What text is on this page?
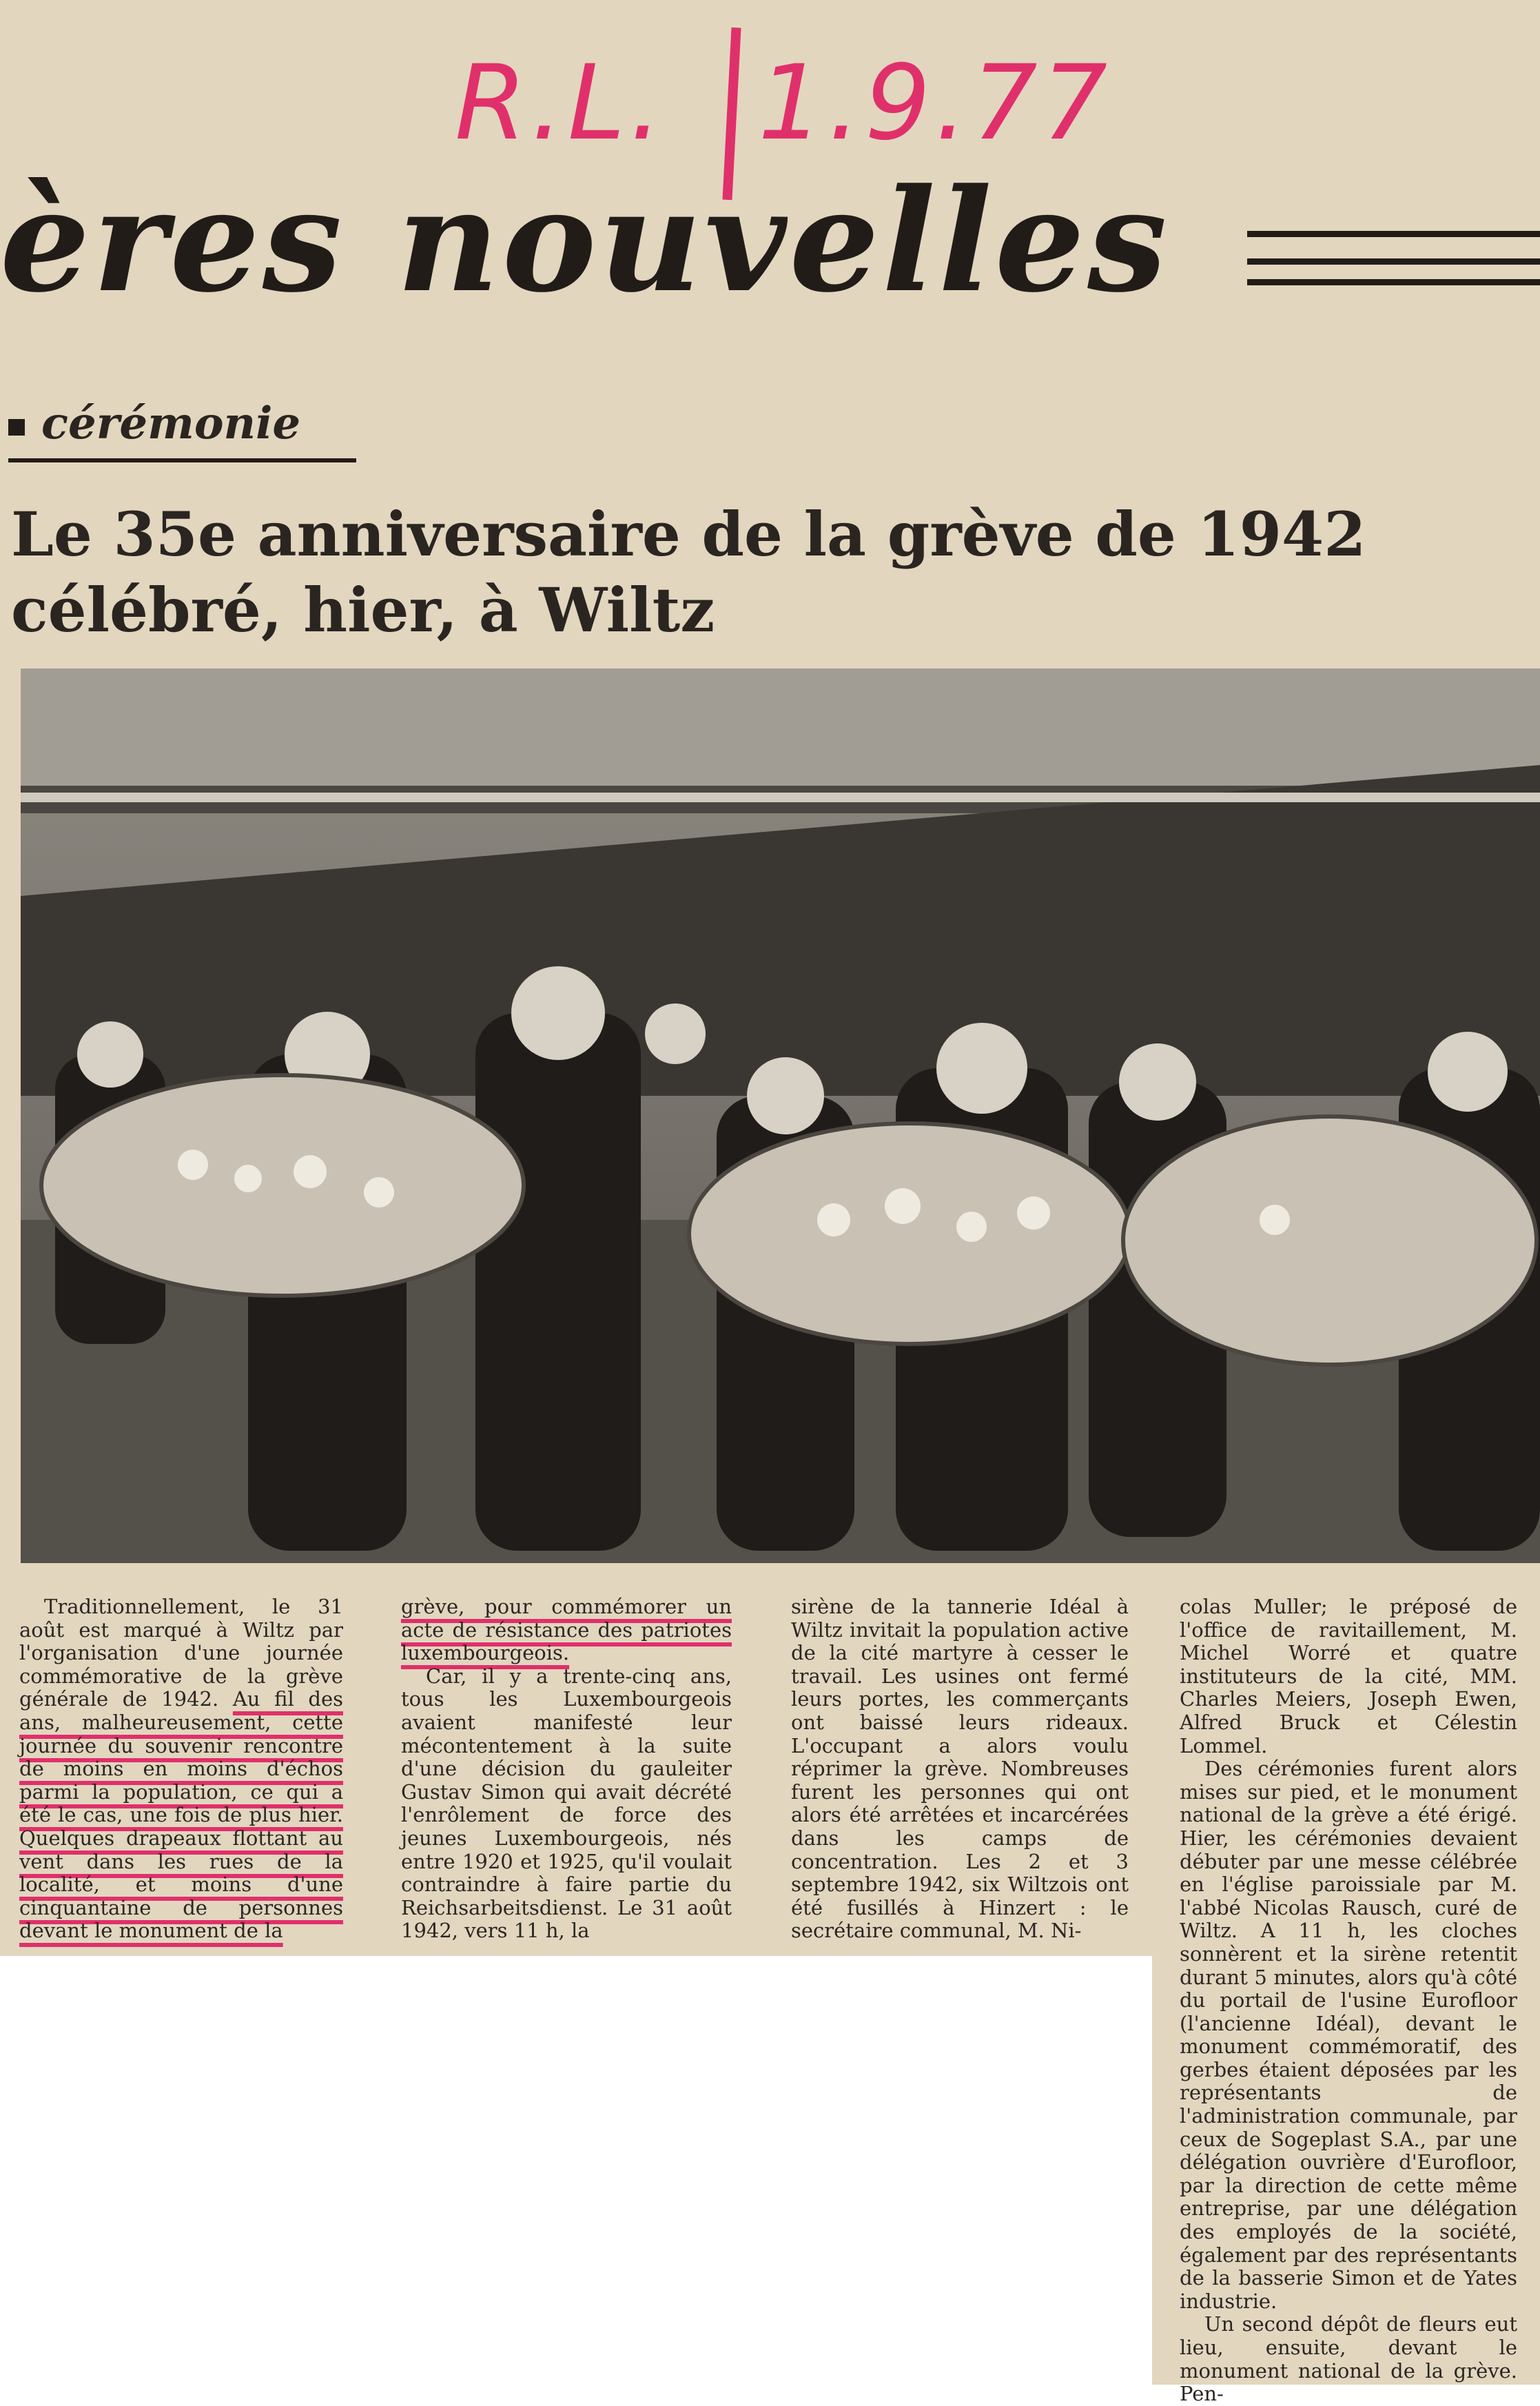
R.L. 1.9.77
ères nouvelles
cérémonie
Le 35e anniversaire de la grève de 1942
célébré, hier, à Wiltz

Traditionnellement, le 31 août est marqué à Wiltz par l'organisation d'une journée commémorative de la grève générale de 1942. Au fil des ans, malheureusement, cette journée du souvenir rencontre de moins en moins d'échos parmi la population, ce qui a été le cas, une fois de plus hier. Quelques drapeaux flottant au vent dans les rues de la localité, et moins d'une cinquantaine de personnes devant le monument de la

grève, pour commémorer un acte de résistance des patriotes luxembourgeois.

Car, il y a trente-cinq ans, tous les Luxembourgeois avaient manifesté leur mécontentement à la suite d'une décision du gauleiter Gustav Simon qui avait décrété l'enrôlement de force des jeunes Luxembourgeois, nés entre 1920 et 1925, qu'il voulait contraindre à faire partie du Reichsarbeitsdienst. Le 31 août 1942, vers 11 h, la

sirène de la tannerie Idéal à Wiltz invitait la population active de la cité martyre à cesser le travail. Les usines ont fermé leurs portes, les commerçants ont baissé leurs rideaux. L'occupant a alors voulu réprimer la grève. Nombreuses furent les personnes qui ont alors été arrêtées et incarcérées dans les camps de concentration. Les 2 et 3 septembre 1942, six Wiltzois ont été fusillés à Hinzert : le secrétaire communal, M. Ni-

colas Muller; le préposé de l'office de ravitaillement, M. Michel Worré et quatre instituteurs de la cité, MM. Charles Meiers, Joseph Ewen, Alfred Bruck et Célestin Lommel.

Des cérémonies furent alors mises sur pied, et le monument national de la grève a été érigé. Hier, les cérémonies devaient débuter par une messe célébrée en l'église paroissiale par M. l'abbé Nicolas Rausch, curé de Wiltz. A 11 h, les cloches sonnèrent et la sirène retentit durant 5 minutes, alors qu'à côté du portail de l'usine Eurofloor (l'ancienne Idéal), devant le monument commémoratif, des gerbes étaient déposées par les représentants de l'administration communale, par ceux de Sogeplast S.A., par une délégation ouvrière d'Eurofloor, par la direction de cette même entreprise, par une délégation des employés de la société, également par des représentants de la basserie Simon et de Yates industrie.

Un second dépôt de fleurs eut lieu, ensuite, devant le monument national de la grève. Pen-
